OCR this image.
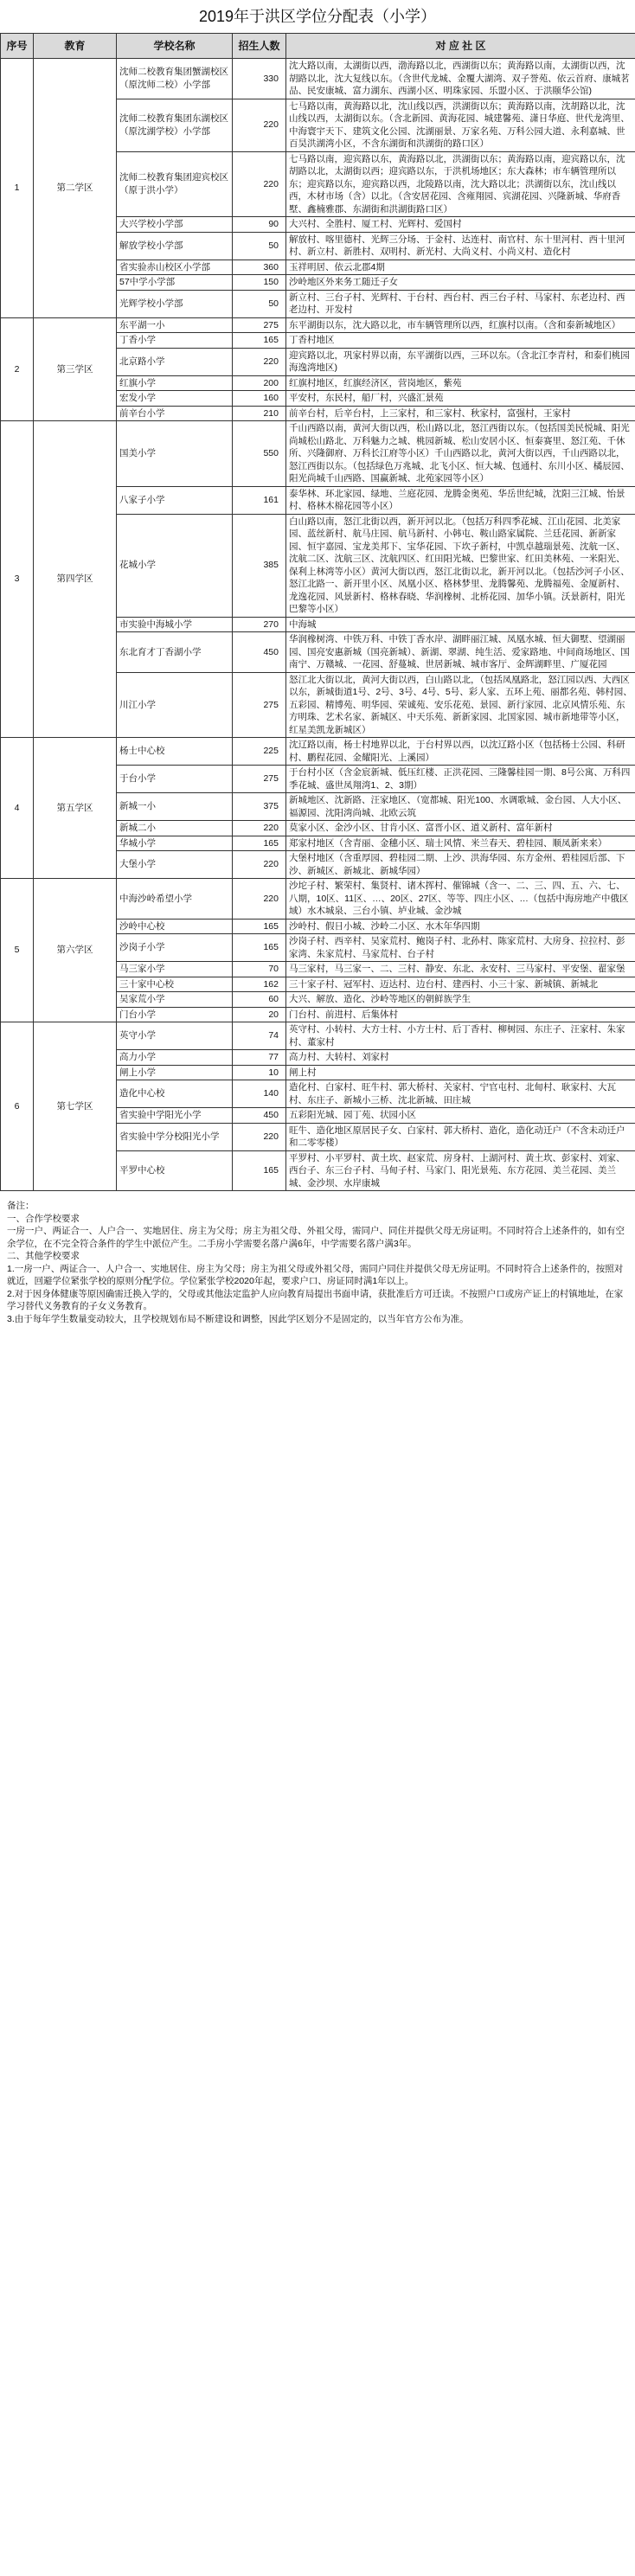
2019年于洪区学位分配表（小学）
序号	教育	学校名称	招生人数	对 应 社 区
1	第二学区	沈师二校教育集团蟹湖校区（原沈师二校）小学部	330	沈大路以南，太湖街以西，渤海路以北，西湖街以东；黄海路以南，太湖街以西，沈胡路以北，沈大复线以东。（含世代龙城、金覆大湖湾、双子誉苑、依云首府、康城茗品、民安康城、富力湖东、西湖小区、明珠家园、乐盟小区、于洪颐华公馆)
		沈师二校教育集团东湖校区（原沈湖学校）小学部	220	七马路以南，黄海路以北，沈山线以西，洪湖街以东；黄海路以南，沈胡路以北，沈山线以西，太湖街以东。（含北新园、黄海花园、城建馨苑、潇日华庭、世代龙湾里、中海寰宇天下、建筑文化公园、沈湖丽景、万家名苑、万科公园大道、永利嘉城、世百昊洪湖湾小区，不含东湖街和洪湖街的路口区）
		沈师二校教育集团迎宾校区（原于洪小学）	220	七马路以南，迎宾路以东，黄海路以北，洪湖街以东；黄海路以南，迎宾路以东，沈胡路以北，太湖街以西；迎宾路以东，于洪机场地区；东大森林；市车辆管理所以东；迎宾路以东，迎宾路以西，北陵路以南，沈大路以北；洪湖街以东，沈山线以西，木材市场（含）以北。（含安居花园、含雍翔园、宾湖花园、兴隆新城、华府香墅、鑫楠雅郡、东湖街和洪湖街路口区）
		大兴学校小学部	90	大兴村、全胜村、厦工村、光辉村、爱国村
		解放学校小学部	50	解放村、喀里德村、光辉三分场、于金村、达连村、南官村、东十里河村、西十里河村、新立村、新胜村、双明村、新光村、大尚义村、小尚义村、造化村
		省实验赤山校区小学部	360	玉祥明居、依云北郡4期
		57中学小学部	150	沙岭地区外来务工随迁子女
		光辉学校小学部	50	新立村、三台子村、光辉村、于台村、西台村、西三台子村、马家村、东老边村、西老边村、开发村
2	第三学区	东平湖一小	275	东平湖街以东，沈大路以北，市车辆管理所以西，红旗村以南。（含和泰新城地区）
		丁香小学	165	丁香村地区
		北京路小学	220	迎宾路以北，巩家村界以南，东平湖街以西，三环以东。（含北江李青村，和泰们桃园海逸湾地区)
		红旗小学	200	红旗村地区，红旗经济区，营岗地区，紫苑
		宏发小学	160	平安村，东民村，船厂村，兴盛汇景苑
		前辛台小学	210	前辛台村，后辛台村，上三家村，和三家村、秋家村，富强村，王家村
3	第四学区	国美小学	550	千山西路以南，黄河大街以西，松山路以北，怒江西街以东。（包括国美民悦城、阳光尚城松山路北、万科魅力之城、桃园新城、松山安居小区、恒泰赛里、怒江苑、千休所、兴隆御府、万科长江府等小区）千山西路以北，黄河大街以西，千山西路以北，怒江西街以东。（包括绿色万兆城、北飞小区、恒大城、包通村、东川小区、橘辰园、阳光尚城千山西路、国赢新城、北苑家园等小区）
		八家子小学	161	泰华林、环北家园、绿地、兰庭花园、龙腾金奥苑、华岳世纪城，沈阳三江城、怡景村、格林木棉花园等小区）
		花城小学	385	白山路以南，怒江北街以西，新开河以北。（包括万科四季花城、江山花园、北美家园、蓝丝新村、航马庄园、航马新村、小韩屯、鞍山路家属院、兰廷花园、新新家园、恒宇嘉园、宝龙美邦下、宝华花园、下坎子新村，中凯卓越瑞景苑、沈航一区、沈航二区、沈航三区、沈航四区、红田阳光城、巴黎世家、红田美林苑、一米阳光、保利上林湾等小区）黄河大街以西，怒江北街以北，新开河以北。（包括沙河子小区、怒江北路一、新开里小区、凤凰小区、格林梦里、龙腾馨苑、龙腾福苑、金厦新村、龙逸花园、风景新村、格林春晓、华润橡树、北桥花园、加华小镇。沃景新村，阳光巴黎等小区）
		市实验中海城小学	270	中海城
		东北育才丁香湖小学	450	华润橡树湾、中铁万科、中铁丁香水岸、湖畔丽江城、凤凰水城、恒大御墅、望湖丽园、国亮安惠新城（国亮新城）、新湖、翠湖、纯生活、爱家路地、中间商场地区、国南宁、万赣城、一花园、舒蔓城、世居新城、城市客厅、金辉湖畔里、广厦花园
		川江小学	275	怒江北大街以北，黄河大街以西，白山路以北，（包括凤凰路北，怒江园以西、大西区以东，新城街道1号、2号、3号、4号、5号、彩人家、五环上苑、丽都名苑、韩村园、五彩园、精博苑、明华园、荣诚苑、安乐花苑、景园、新行家园、北京风情乐苑、东方明珠、艺术名家、新城区、中天乐苑、新新家园、北国家园、城市新地带等小区，红星美凯龙新城区）
4	第五学区	杨士中心校	225	沈辽路以南，杨士村地界以北，于台村界以西，以沈辽路小区（包括杨士公园、科研村、鹏程花园、金耀阳光、上溪园）
		于台小学	275	于台村小区（含金宸新城、低压红楼、正洪花园、三隆馨桂园一期、8号公寓、万科四季花城、盛世凤翔湾1、2、3期）
		新城一小	375	新城地区、沈新路、汪家地区、（宽都城、阳光100、水调歌城、金台园、人大小区、福源园、沈阳湾尚城、北欧云筑
		新城二小	220	莫家小区、金沙小区、甘肯小区、富晋小区、道义新村、富年新村
		华城小学	165	郑家村地区（含青丽、金穗小区、瑞士风情、米兰春天、碧桂园、顺凤新来来）
		大堡小学	220	大堡村地区（含重厚园、碧桂园二期、上沙、洪海华园、东方金州、碧桂园后部、下沙、新城区、新城北、新城华园）
5	第六学区	中海沙岭希望小学	220	沙坨子村、繁荣村、集贤村、诸木挥村、催锦城（含一、二、三、四、五、六、七、八期，10区、11区、…、20区、27区、等等、四庄小区、…（包括中海房地产中俄区域）水木城泉、三台小镇、垆业城、金沙城
		沙岭中心校	165	沙岭村、假日小城、沙岭二小区、水木年华四期
		沙岗子小学	165	沙岗子村、西辛村、吴家荒村、鲍岗子村、北孙村、陈家荒村、大房身、拉拉村、彭家湾、朱家荒村、马家荒村、台子村
		马三家小学	70	马三家村，马三家一、二、三村、静安、东北、永安村、三马家村、平安堡、翟家堡
		三十家中心校	162	三十家子村、冠军村、迈达村、边台村、建西村、小三十家、新城镇、新城北
		吴家荒小学	60	大兴、解放、造化、沙岭等地区的朝鲜族学生
		门台小学	20	门台村、前进村、后集体村
6	第七学区	英守小学	74	英守村、小转村、大方士村、小方士村、后丁香村、柳树园、东庄子、汪家村、朱家村、董家村
		高力小学	77	高力村、大转村、刘家村
		闸上小学	10	闸上村
		造化中心校	140	造化村、白家村、旺牛村、郭大桥村、关家村、宁官屯村、北甸村、耿家村、大瓦村、东庄子、新城小三桥、沈北新城、田庄城
		省实验中学阳光小学	450	五彩阳光城、园丁苑、状园小区
		省实验中学分校阳光小学	220	旺牛、造化地区原居民子女、白家村、郭大桥村、造化，造化动迁户（不含未动迁户和二零零楼）
		平罗中心校	165	平罗村、小平罗村、黄土坎、赵家荒、房身村、上湖河村、黄土坎、彭家村、刘家、西台子、东三台子村、马甸子村、马家门、阳光景苑、东方花园、美兰花园、美兰城、金沙坝、水岸康城

备注：

一、合作学校要求

一房一户、两证合一、人户合一、实地居住、房主为父母；房主为祖父母、外祖父母，需同户、同住并提供父母无房证明。不同时符合上述条件的，如有空余学位，在不完全符合条件的学生中派位产生。二手房小学需要名落户满6年，中学需要名落户满3年。

二、其他学校要求

1.一房一户、两证合一、人户合一、实地居住、房主为父母；房主为祖父母或外祖父母，需同户同住并提供父母无房证明。不同时符合上述条件的，按照对就近，回避学位紧张学校的原则分配学位。学位紧张学校2020年起，要求户口、房证同时满1年以上。

2.对于因身体健康等原因确需迁换入学的，父母或其他法定监护人应向教育局提出书面申请，获批准后方可迁读。不按照户口或房产证上的村镇地址，在家学习替代义务教育的子女义务教育。

3.由于每年学生数量变动较大，且学校规划布局不断建设和调整，因此学区划分不是固定的，以当年官方公布为准。
